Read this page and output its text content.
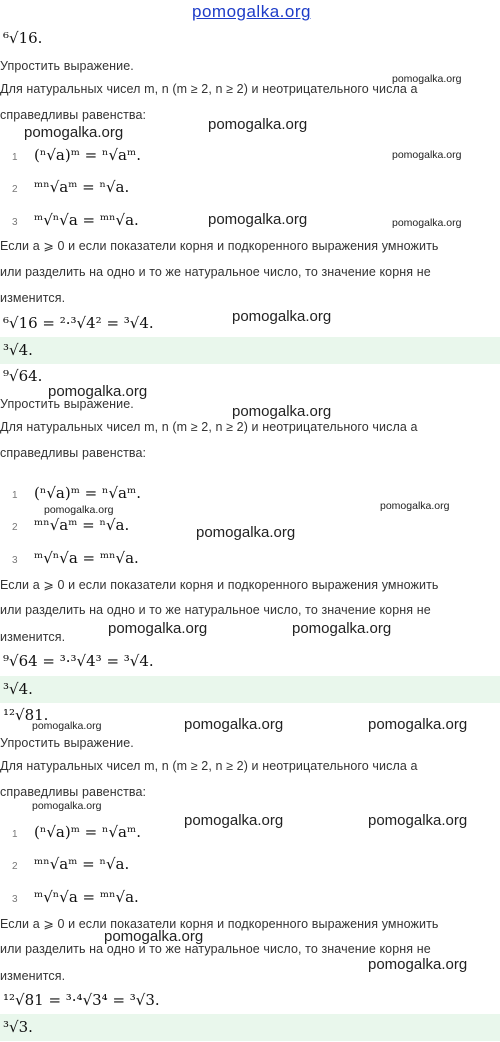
pomogalka.org
⁶√16.
Упростить выражение.
Для натуральных чисел m, n (m ≥ 2, n ≥ 2) и неотрицательного числа a
справедливы равенства:
1 (ⁿ√a)ᵐ = ⁿ√aᵐ.
2 ᵐⁿ√aᵐ = ⁿ√a.
3 ᵐ√ⁿ√a = ᵐⁿ√a.
Если a ⩾ 0 и если показатели корня и подкоренного выражения умножить
или разделить на одно и то же натуральное число, то значение корня не
изменится.
⁶√16 = ²·³√4² = ³√4.
³√4.
⁹√64.
Упростить выражение.
Для натуральных чисел m, n (m ≥ 2, n ≥ 2) и неотрицательного числа a
справедливы равенства:
1 (ⁿ√a)ᵐ = ⁿ√aᵐ.
2 ᵐⁿ√aᵐ = ⁿ√a.
3 ᵐ√ⁿ√a = ᵐⁿ√a.
Если a ⩾ 0 и если показатели корня и подкоренного выражения умножить
или разделить на одно и то же натуральное число, то значение корня не
изменится.
⁹√64 = ³·³√4³ = ³√4.
³√4.
¹²√81.
Упростить выражение.
Для натуральных чисел m, n (m ≥ 2, n ≥ 2) и неотрицательного числа a
справедливы равенства:
1 (ⁿ√a)ᵐ = ⁿ√aᵐ.
2 ᵐⁿ√aᵐ = ⁿ√a.
3 ᵐ√ⁿ√a = ᵐⁿ√a.
Если a ⩾ 0 и если показатели корня и подкоренного выражения умножить
или разделить на одно и то же натуральное число, то значение корня не
изменится.
¹²√81 = ³·⁴√3⁴ = ³√3.
³√3.
pomogalka.org	pomogalka.org
pomogalka.org
pomogalka.org
pomogalka.org	pomogalka.org
pomogalka.org
pomogalka.org
pomogalka.org
pomogalka.org
pomogalka.org
pomogalka.org
pomogalka.org	pomogalka.org
pomogalka.org	pomogalka.org	pomogalka.org
pomogalka.org
pomogalka.org	pomogalka.org
pomogalka.org
pomogalka.org
